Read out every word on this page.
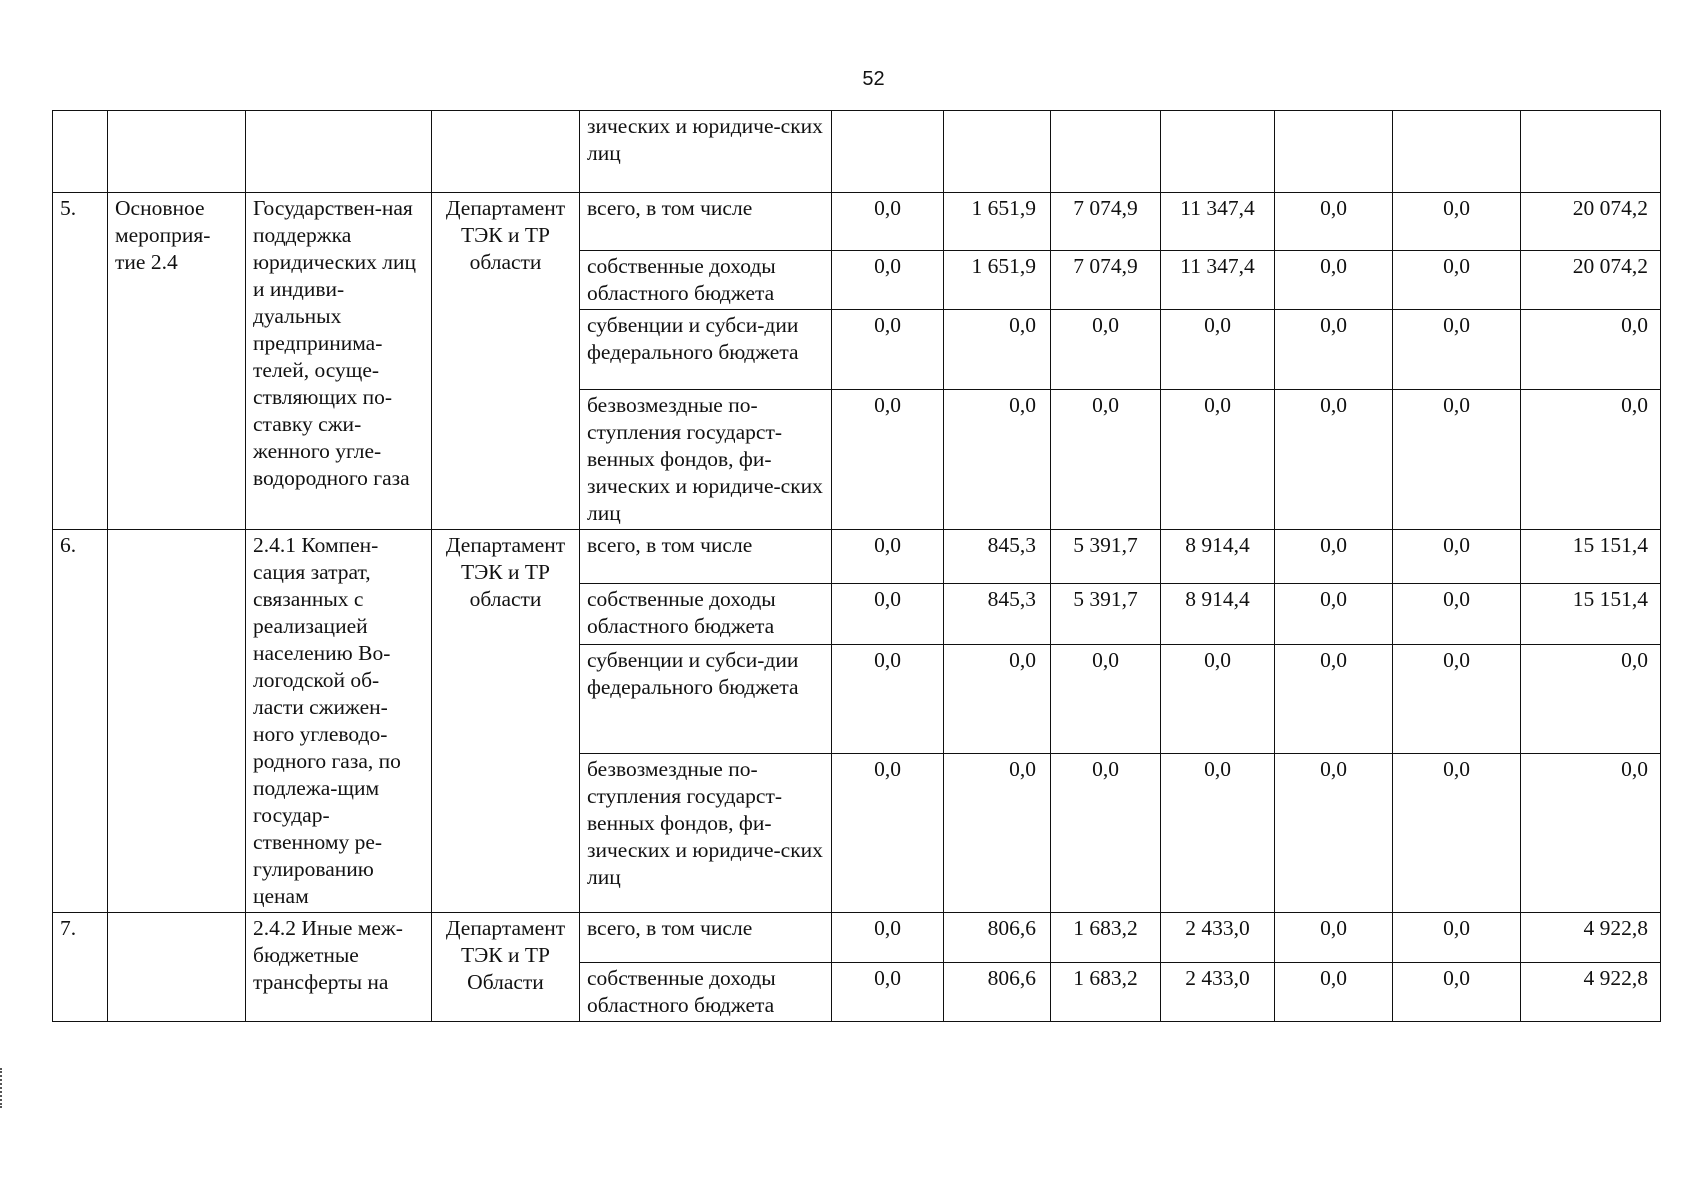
52
				зических и юридиче-ских лиц							
5.	Основное мероприя-тие 2.4	Государствен-ная поддержка юридических лиц и индиви-дуальных предпринима-телей, осуще-ствляющих по-ставку сжи-женного угле-водородного газа	Департамент ТЭК и ТР области	всего, в том числе	0,0	1 651,9	7 074,9	11 347,4	0,0	0,0	20 074,2
				собственные доходы областного бюджета	0,0	1 651,9	7 074,9	11 347,4	0,0	0,0	20 074,2
				субвенции и субси-дии федерального бюджета	0,0	0,0	0,0	0,0	0,0	0,0	0,0
				безвозмездные по-ступления государст-венных фондов, фи-зических и юридиче-ских лиц	0,0	0,0	0,0	0,0	0,0	0,0	0,0
6.		2.4.1 Компен-сация затрат, связанных с реализацией населению Во-логодской об-ласти сжижен-ного углеводо-родного газа, по подлежа-щим государ-ственному ре-гулированию ценам	Департамент ТЭК и ТР области	всего, в том числе	0,0	845,3	5 391,7	8 914,4	0,0	0,0	15 151,4
				собственные доходы областного бюджета	0,0	845,3	5 391,7	8 914,4	0,0	0,0	15 151,4
				субвенции и субси-дии федерального бюджета	0,0	0,0	0,0	0,0	0,0	0,0	0,0
				безвозмездные по-ступления государст-венных фондов, фи-зических и юридиче-ских лиц	0,0	0,0	0,0	0,0	0,0	0,0	0,0
7.		2.4.2 Иные меж-бюджетные трансферты на	Департамент ТЭК и ТР Области	всего, в том числе	0,0	806,6	1 683,2	2 433,0	0,0	0,0	4 922,8
				собственные доходы областного бюджета	0,0	806,6	1 683,2	2 433,0	0,0	0,0	4 922,8
